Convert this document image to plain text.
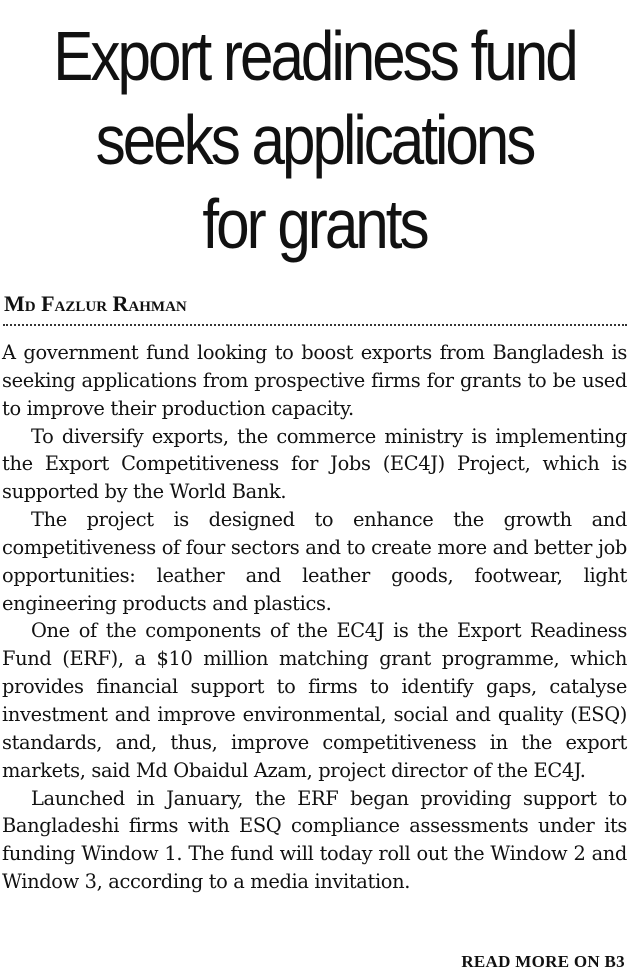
Export readiness fund
seeks applications
for grants
Md Fazlur Rahman

A government fund looking to boost exports from Bangladesh is seeking applications from prospective firms for grants to be used to improve their production capacity.

To diversify exports, the commerce ministry is implementing the Export Competitiveness for Jobs (EC4J) Project, which is supported by the World Bank.

The project is designed to enhance the growth and competitiveness of four sectors and to create more and better job opportunities: leather and leather goods, footwear, light engineering products and plastics.

One of the components of the EC4J is the Export Readiness Fund (ERF), a $10 million matching grant programme, which provides financial support to firms to identify gaps, catalyse investment and improve environmental, social and quality (ESQ) standards, and, thus, improve competitiveness in the export markets, said Md Obaidul Azam, project director of the EC4J.

Launched in January, the ERF began providing support to Bangladeshi firms with ESQ compliance assessments under its funding Window 1. The fund will today roll out the Window 2 and Window 3, according to a media invitation.

READ MORE ON B3
